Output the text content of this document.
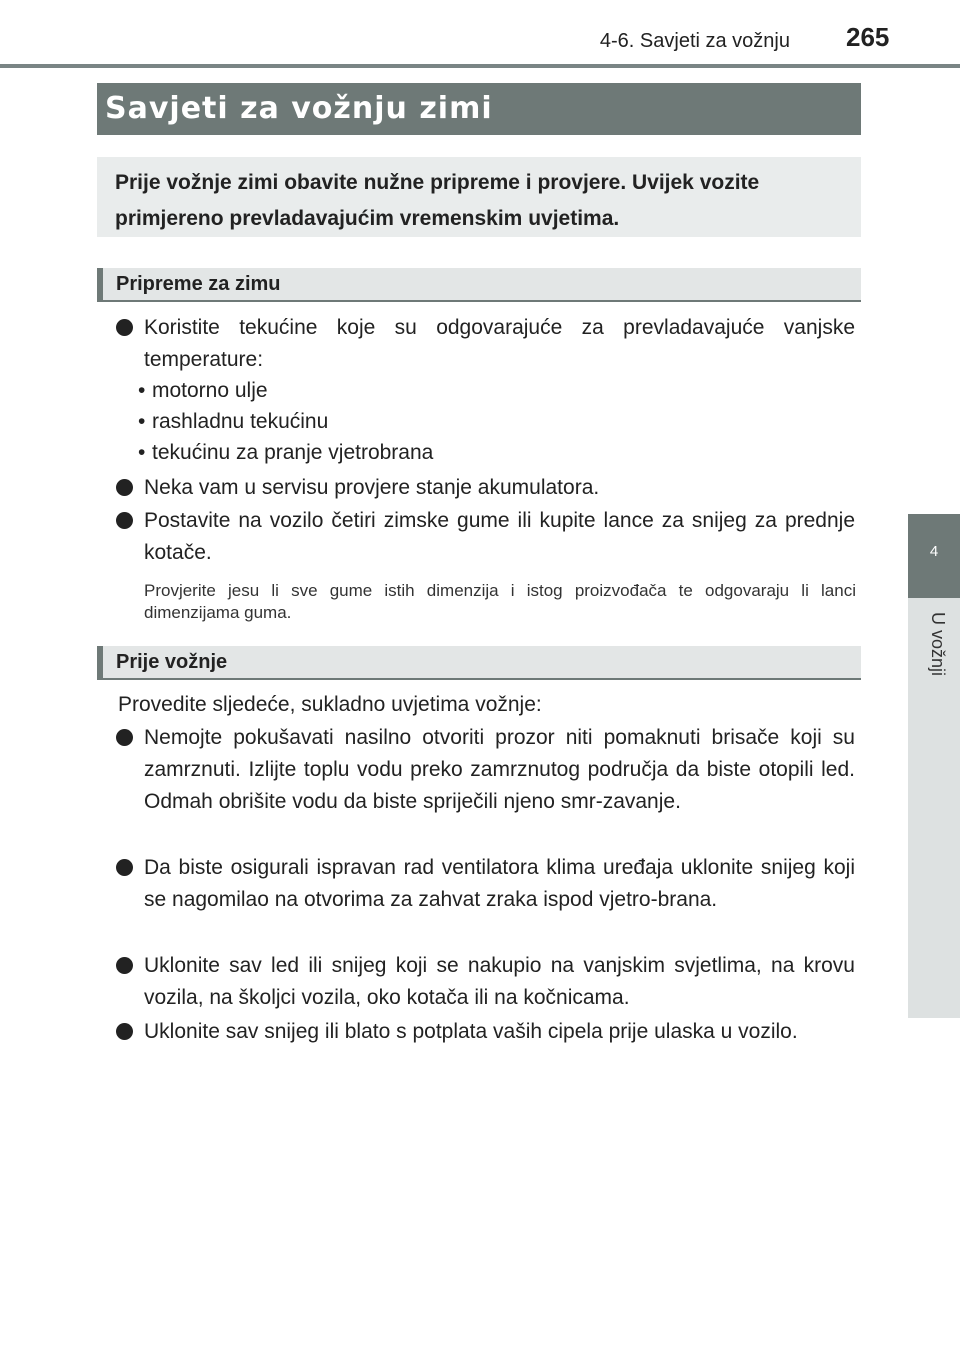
4-6. Savjeti za vožnju 265
4
U vožnji
Savjeti za vožnju zimi
Prije vožnje zimi obavite nužne pripreme i provjere. Uvijek vozite primjereno prevladavajućim vremenskim uvjetima.
Pripreme za zimu
Koristite tekućine koje su odgovarajuće za prevladavajuće vanjske temperature:
• motorno ulje
• rashladnu tekućinu
• tekućinu za pranje vjetrobrana
Neka vam u servisu provjere stanje akumulatora.
Postavite na vozilo četiri zimske gume ili kupite lance za snijeg za prednje kotače.
Provjerite jesu li sve gume istih dimenzija i istog proizvođača te odgovaraju li lanci dimenzijama guma.
Prije vožnje
Provedite sljedeće, sukladno uvjetima vožnje:
Nemojte pokušavati nasilno otvoriti prozor niti pomaknuti brisače koji su zamrznuti. Izlijte toplu vodu preko zamrznutog područja da biste otopili led. Odmah obrišite vodu da biste spriječili njeno smr-zavanje.
Da biste osigurali ispravan rad ventilatora klima uređaja uklonite snijeg koji se nagomilao na otvorima za zahvat zraka ispod vjetro-brana.
Uklonite sav led ili snijeg koji se nakupio na vanjskim svjetlima, na krovu vozila, na školjci vozila, oko kotača ili na kočnicama.
Uklonite sav snijeg ili blato s potplata vaših cipela prije ulaska u vozilo.
